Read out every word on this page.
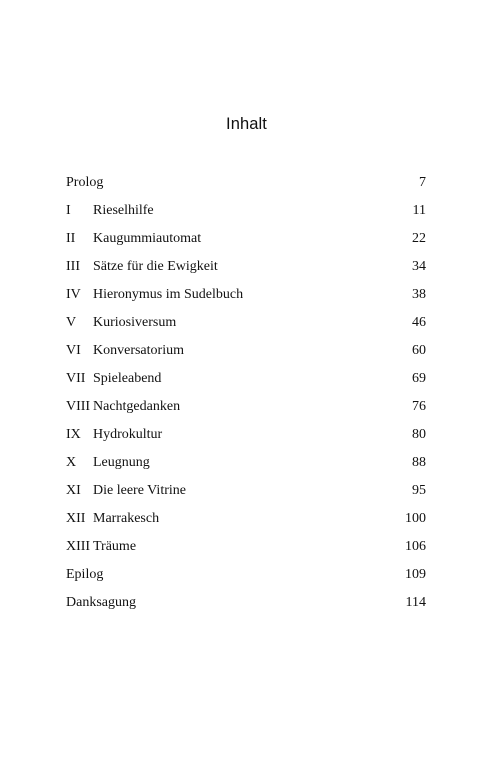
Inhalt
Prolog	7
I Rieselhilfe	11
II Kaugummiautomat	22
III Sätze für die Ewigkeit	34
IV Hieronymus im Sudelbuch	38
V Kuriosiversum	46
VI Konversatorium	60
VII Spieleabend	69
VIII Nachtgedanken	76
IX Hydrokultur	80
X Leugnung	88
XI Die leere Vitrine	95
XII Marrakesch	100
XIII Träume	106
Epilog	109
Danksagung	114
